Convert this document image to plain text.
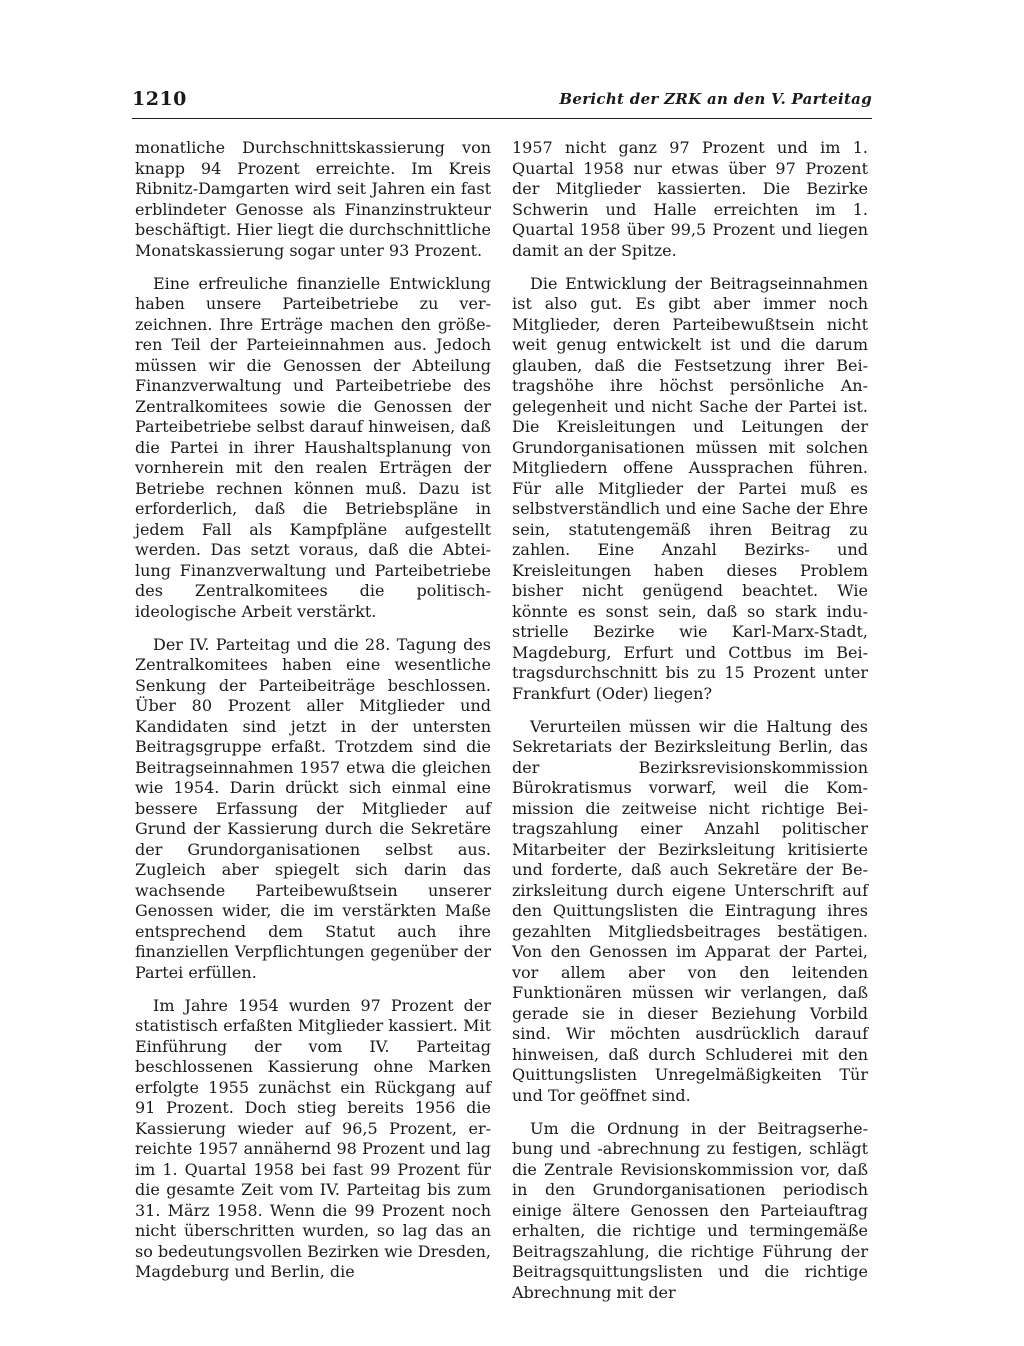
1210	Bericht der ZRK an den V. Parteitag

monatliche Durchschnittskassierung von knapp 94 Prozent erreichte. Im Kreis Ribnitz-Damgarten wird seit Jahren ein fast erblindeter Genosse als Finanzinstrukteur beschäftigt. Hier liegt die durchschnittliche Monatskassierung sogar unter 93 Prozent.

Eine erfreuliche finanzielle Entwicklung haben unsere Parteibetriebe zu verzeichnen. Ihre Erträge machen den größeren Teil der Parteieinnahmen aus. Jedoch müssen wir die Genossen der Abteilung Finanzverwaltung und Parteibetriebe des Zentralkomitees sowie die Genossen der Parteibetriebe selbst darauf hinweisen, daß die Partei in ihrer Haushaltsplanung von vornherein mit den realen Erträgen der Betriebe rechnen können muß. Dazu ist erforderlich, daß die Betriebspläne in jedem Fall als Kampfpläne aufgestellt werden. Das setzt voraus, daß die Abteilung Finanzverwaltung und Parteibetriebe des Zentralkomitees die politisch-ideologische Arbeit verstärkt.

Der IV. Parteitag und die 28. Tagung des Zentralkomitees haben eine wesentliche Senkung der Parteibeiträge beschlossen. Über 80 Prozent aller Mitglieder und Kandidaten sind jetzt in der untersten Beitragsgruppe erfaßt. Trotzdem sind die Beitragseinnahmen 1957 etwa die gleichen wie 1954. Darin drückt sich einmal eine bessere Erfassung der Mitglieder auf Grund der Kassierung durch die Sekretäre der Grundorganisationen selbst aus. Zugleich aber spiegelt sich darin das wachsende Parteibewußtsein unserer Genossen wider, die im verstärkten Maße entsprechend dem Statut auch ihre finanziellen Verpflichtungen gegenüber der Partei erfüllen.

Im Jahre 1954 wurden 97 Prozent der statistisch erfaßten Mitglieder kassiert. Mit Einführung der vom IV. Parteitag beschlossenen Kassierung ohne Marken erfolgte 1955 zunächst ein Rückgang auf 91 Prozent. Doch stieg bereits 1956 die Kassierung wieder auf 96,5 Prozent, erreichte 1957 annähernd 98 Prozent und lag im 1. Quartal 1958 bei fast 99 Prozent für die gesamte Zeit vom IV. Parteitag bis zum 31. März 1958. Wenn die 99 Prozent noch nicht überschritten wurden, so lag das an so bedeutungsvollen Bezirken wie Dresden, Magdeburg und Berlin, die

1957 nicht ganz 97 Prozent und im 1. Quartal 1958 nur etwas über 97 Prozent der Mitglieder kassierten. Die Bezirke Schwerin und Halle erreichten im 1. Quartal 1958 über 99,5 Prozent und liegen damit an der Spitze.

Die Entwicklung der Beitragseinnahmen ist also gut. Es gibt aber immer noch Mitglieder, deren Parteibewußtsein nicht weit genug entwickelt ist und die darum glauben, daß die Festsetzung ihrer Beitragshöhe ihre höchst persönliche Angelegenheit und nicht Sache der Partei ist. Die Kreisleitungen und Leitungen der Grundorganisationen müssen mit solchen Mitgliedern offene Aussprachen führen. Für alle Mitglieder der Partei muß es selbstverständlich und eine Sache der Ehre sein, statutengemäß ihren Beitrag zu zahlen. Eine Anzahl Bezirks- und Kreisleitungen haben dieses Problem bisher nicht genügend beachtet. Wie könnte es sonst sein, daß so stark industrielle Bezirke wie Karl-Marx-Stadt, Magdeburg, Erfurt und Cottbus im Beitragsdurchschnitt bis zu 15 Prozent unter Frankfurt (Oder) liegen?

Verurteilen müssen wir die Haltung des Sekretariats der Bezirksleitung Berlin, das der Bezirksrevisionskommission Bürokratismus vorwarf, weil die Kommission die zeitweise nicht richtige Beitragszahlung einer Anzahl politischer Mitarbeiter der Bezirksleitung kritisierte und forderte, daß auch Sekretäre der Bezirksleitung durch eigene Unterschrift auf den Quittungslisten die Eintragung ihres gezahlten Mitgliedsbeitrages bestätigen. Von den Genossen im Apparat der Partei, vor allem aber von den leitenden Funktionären müssen wir verlangen, daß gerade sie in dieser Beziehung Vorbild sind. Wir möchten ausdrücklich darauf hinweisen, daß durch Schluderei mit den Quittungslisten Unregelmäßigkeiten Tür und Tor geöffnet sind.

Um die Ordnung in der Beitragserhebung und -abrechnung zu festigen, schlägt die Zentrale Revisionskommission vor, daß in den Grundorganisationen periodisch einige ältere Genossen den Parteiauftrag erhalten, die richtige und termingemäße Beitragszahlung, die richtige Führung der Beitragsquittungslisten und die richtige Abrechnung mit der
